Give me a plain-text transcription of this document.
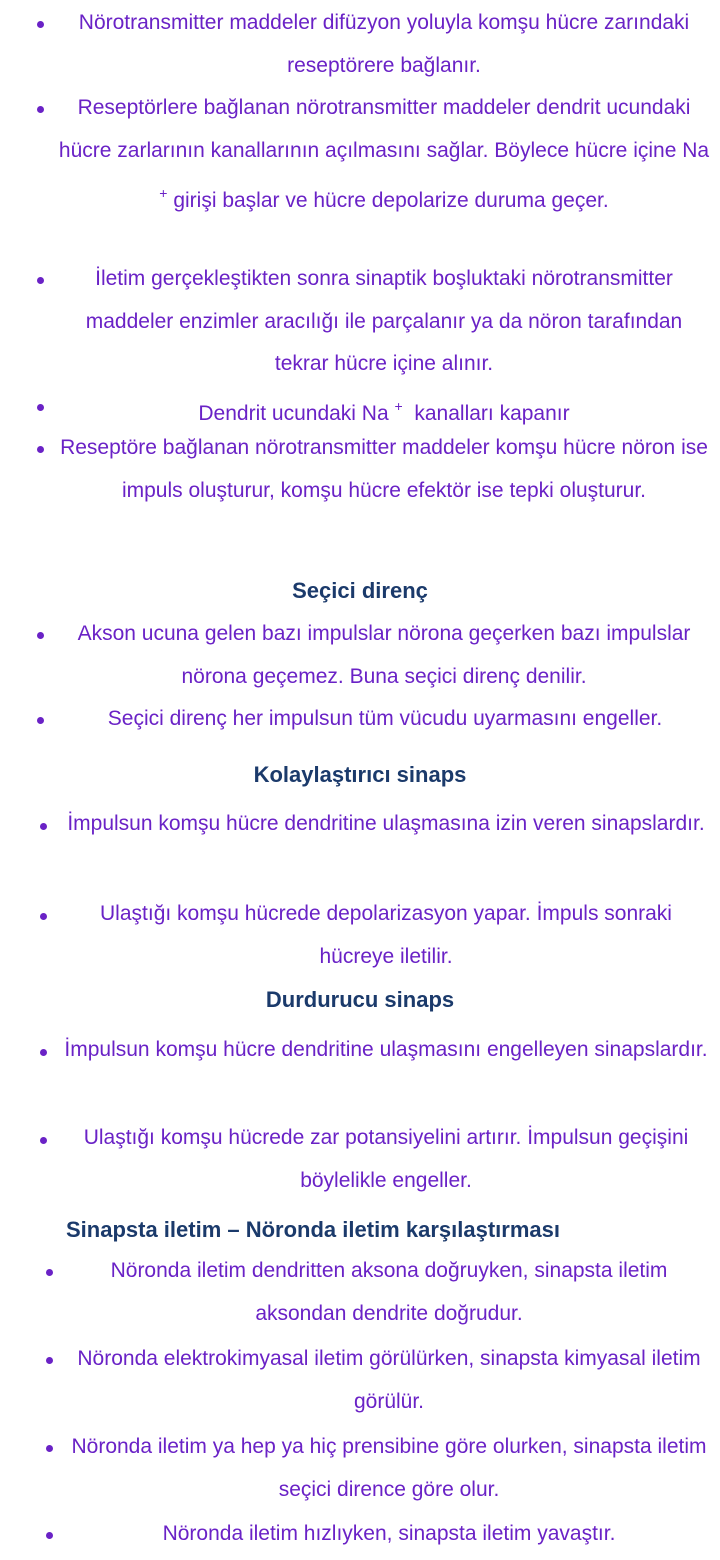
Nörotransmitter maddeler difüzyon yoluyla komşu hücre zarındaki reseptörere bağlanır.

Reseptörlere bağlanan nörotransmitter maddeler dendrit ucundaki hücre zarlarının kanallarının açılmasını sağlar. Böylece hücre içine Na + girişi başlar ve hücre depolarize duruma geçer.

İletim gerçekleştikten sonra sinaptik boşluktaki nörotransmitter maddeler enzimler aracılığı ile parçalanır ya da nöron tarafından tekrar hücre içine alınır.

Dendrit ucundaki Na + kanalları kapanır

Reseptöre bağlanan nörotransmitter maddeler komşu hücre nöron ise impuls oluşturur, komşu hücre efektör ise tepki oluşturur.

Seçici direnç

Akson ucuna gelen bazı impulslar nörona geçerken bazı impulslar nörona geçemez. Buna seçici direnç denilir.

Seçici direnç her impulsun tüm vücudu uyarmasını engeller.

Kolaylaştırıcı sinaps

İmpulsun komşu hücre dendritine ulaşmasına izin veren sinapslardır.

Ulaştığı komşu hücrede depolarizasyon yapar. İmpuls sonraki hücreye iletilir.

Durdurucu sinaps

İmpulsun komşu hücre dendritine ulaşmasını engelleyen sinapslardır.

Ulaştığı komşu hücrede zar potansiyelini artırır. İmpulsun geçişini böylelikle engeller.

Sinapsta iletim – Nöronda iletim karşılaştırması

Nöronda iletim dendritten aksona doğruyken, sinapsta iletim aksondan dendrite doğrudur.

Nöronda elektrokimyasal iletim görülürken, sinapsta kimyasal iletim görülür.

Nöronda iletim ya hep ya hiç prensibine göre olurken, sinapsta iletim seçici dirence göre olur.

Nöronda iletim hızlıyken, sinapsta iletim yavaştır.
